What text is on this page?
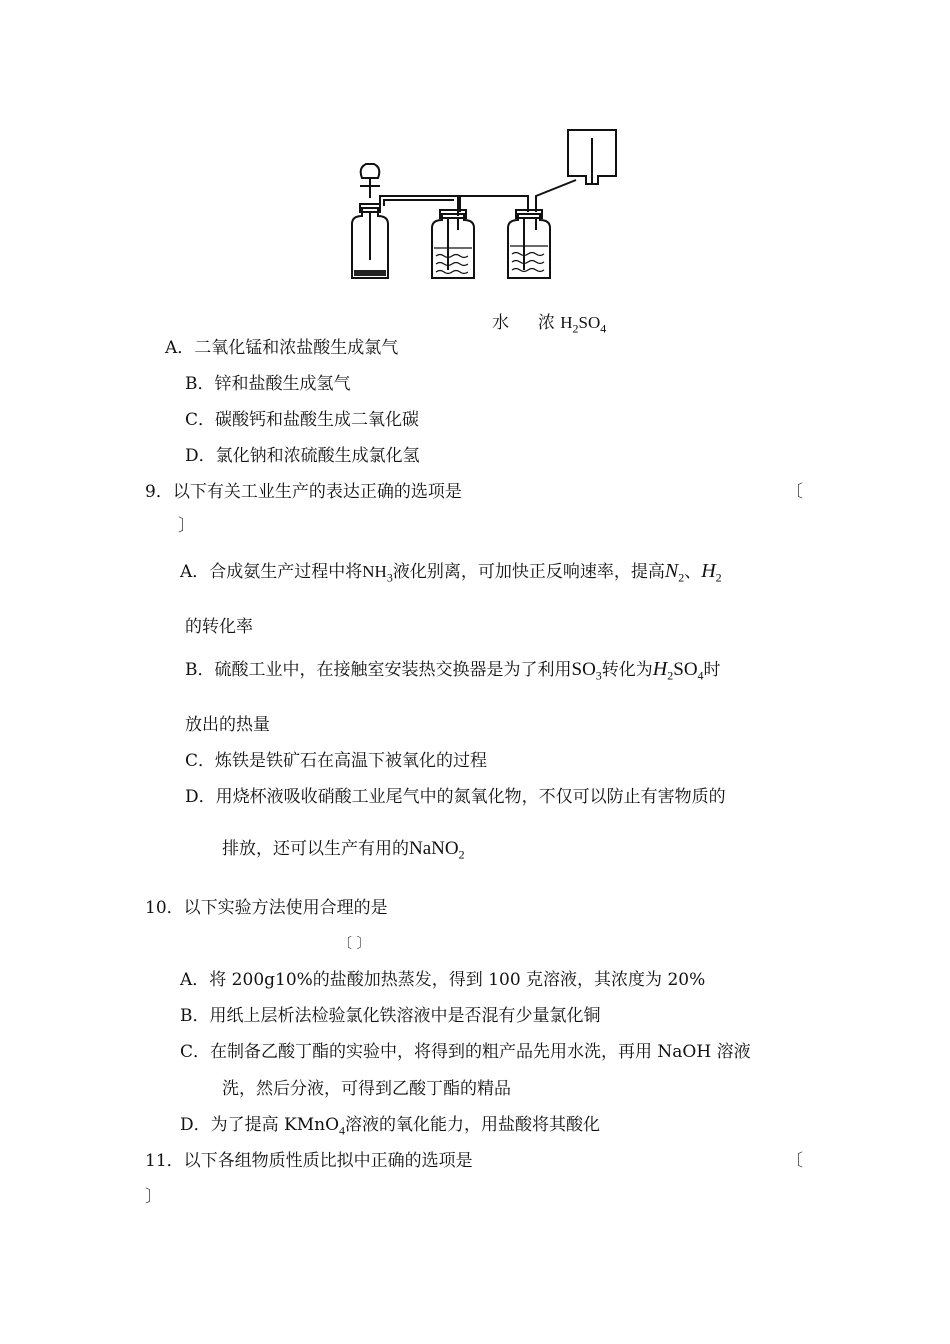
水 浓 $H_2SO_4$
A．二氧化锰和浓盐酸生成氯气
B．锌和盐酸生成氢气
C．碳酸钙和盐酸生成二氧化碳
D．氯化钠和浓硫酸生成氯化氢
9．以下有关工业生产的表达正确的选项是	〔
〕
A．合成氨生产过程中将$NH_3$液化别离，可加快正反响速率，提高$N_2$、$H_2$
的转化率
B．硫酸工业中，在接触室安装热交换器是为了利用$SO_3$转化为$H_2SO_4$时
放出的热量
C．炼铁是铁矿石在高温下被氧化的过程
D．用烧杯液吸收硝酸工业尾气中的氮氧化物，不仅可以防止有害物质的
排放，还可以生产有用的NaNO$_2$
10．以下实验方法使用合理的是
〔 〕
A．将 200g10%的盐酸加热蒸发，得到 100 克溶液，其浓度为 20%
B．用纸上层析法检验氯化铁溶液中是否混有少量氯化铜
C．在制备乙酸丁酯的实验中，将得到的粗产品先用水洗，再用 NaOH 溶液
洗，然后分液，可得到乙酸丁酯的精品
D．为了提高 KMnO$_4$溶液的氧化能力，用盐酸将其酸化
11．以下各组物质性质比拟中正确的选项是	〔
〕
